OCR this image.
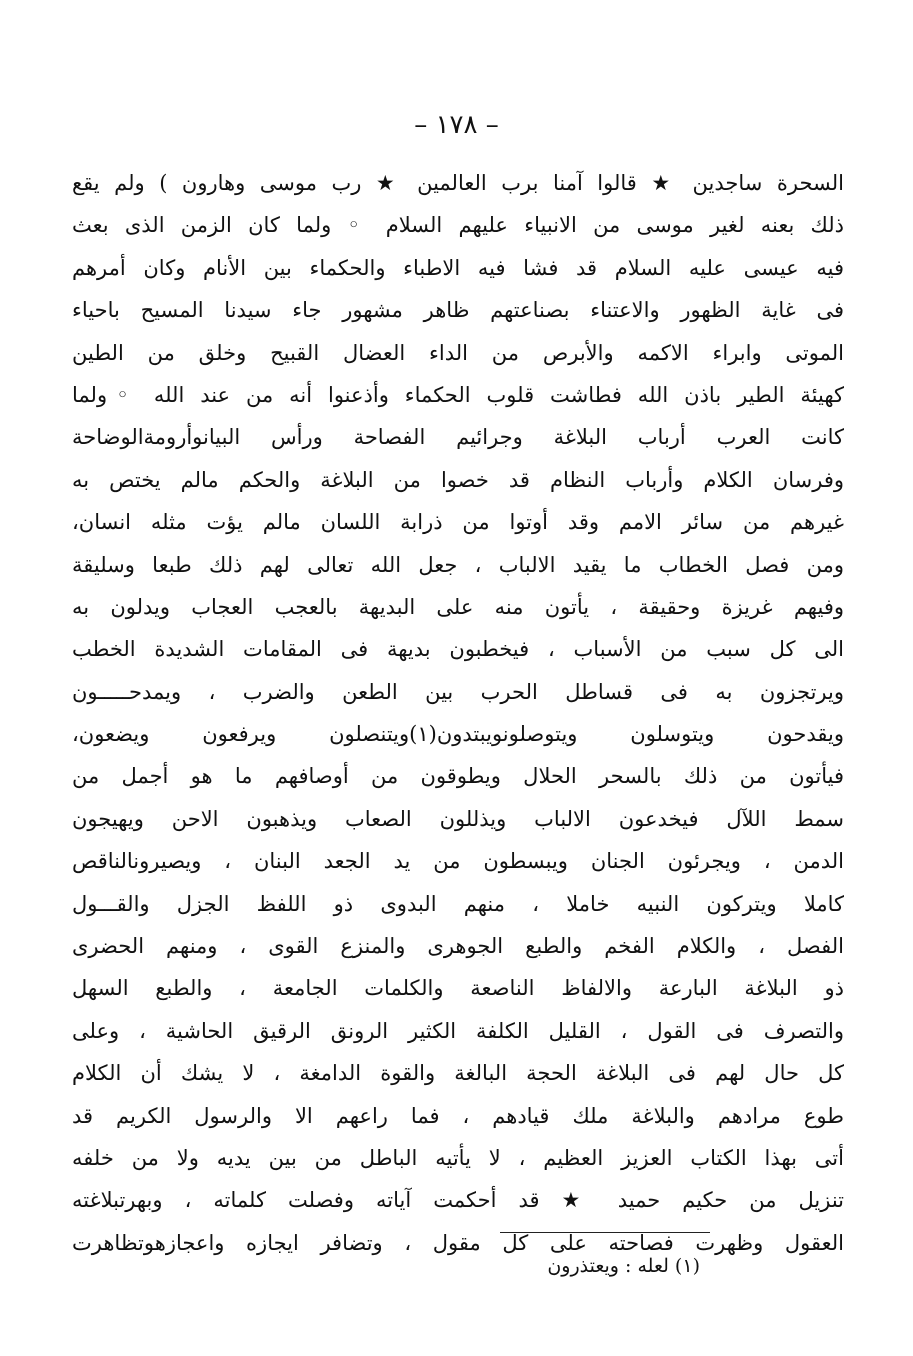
– ١٧٨ –
السحرة ساجدين ★ قالوا آمنا برب العالمين ★ رب موسى وهارون ) ولم يقع
ذلك بعنه لغير موسى من الانبياء عليهم السلام ◦ ولما كان الزمن الذى بعث
فيه عيسى عليه السلام قد فشا فيه الاطباء والحكماء بين الأنام وكان أمرهم
فى غاية الظهور والاعتناء بصناعتهم ظاهر مشهور جاء سيدنا المسيح باحياء
الموتى وابراء الاكمه والأبرص من الداء العضال القبيح وخلق من الطين
كهيئة الطير باذن الله فطاشت قلوب الحكماء وأذعنوا أنه من عند الله ◦ولما
كانت العرب أرباب البلاغة وجرائيم الفصاحة ورأس البيانوأرومةالوضاحة
وفرسان الكلام وأرباب النظام قد خصوا من البلاغة والحكم مالم يختص به
غيرهم من سائر الامم وقد أوتوا من ذرابة اللسان مالم يؤت مثله انسان،
ومن فصل الخطاب ما يقيد الالباب ، جعل الله تعالى لهم ذلك طبعا وسليقة
وفيهم غريزة وحقيقة ، يأتون منه على البديهة بالعجب العجاب ويدلون به
الى كل سبب من الأسباب ، فيخطبون بديهة فى المقامات الشديدة الخطب
ويرتجزون به فى قساطل الحرب بين الطعن والضرب ، ويمدحـــــون
ويقدحون ويتوسلون ويتوصلونويبتدون(١)ويتنصلون ويرفعون ويضعون،
فيأتون من ذلك بالسحر الحلال ويطوقون من أوصافهم ما هو أجمل من
سمط اللآل فيخدعون الالباب ويذللون الصعاب ويذهبون الاحن ويهيجون
الدمن ، ويجرئون الجنان ويبسطون من يد الجعد البنان ، ويصيرونالناقص
كاملا ويتركون النبيه خاملا ، منهم البدوى ذو اللفظ الجزل والقـــول
الفصل ، والكلام الفخم والطبع الجوهرى والمنزع القوى ، ومنهم الحضرى
ذو البلاغة البارعة والالفاظ الناصعة والكلمات الجامعة ، والطبع السهل
والتصرف فى القول ، القليل الكلفة الكثير الرونق الرقيق الحاشية ، وعلى
كل حال لهم فى البلاغة الحجة البالغة والقوة الدامغة ، لا يشك أن الكلام
طوع مرادهم والبلاغة ملك قيادهم ، فما راعهم الا والرسول الكريم قد
أتى بهذا الكتاب العزيز العظيم ، لا يأتيه الباطل من بين يديه ولا من خلفه
تنزيل من حكيم حميد ★ قد أحكمت آياته وفصلت كلماته ، وبهرتبلاغته
العقول وظهرت فصاحته على كل مقول ، وتضافر ايجازه واعجازهوتظاهرت
(١) لعله : ويعتذرون
